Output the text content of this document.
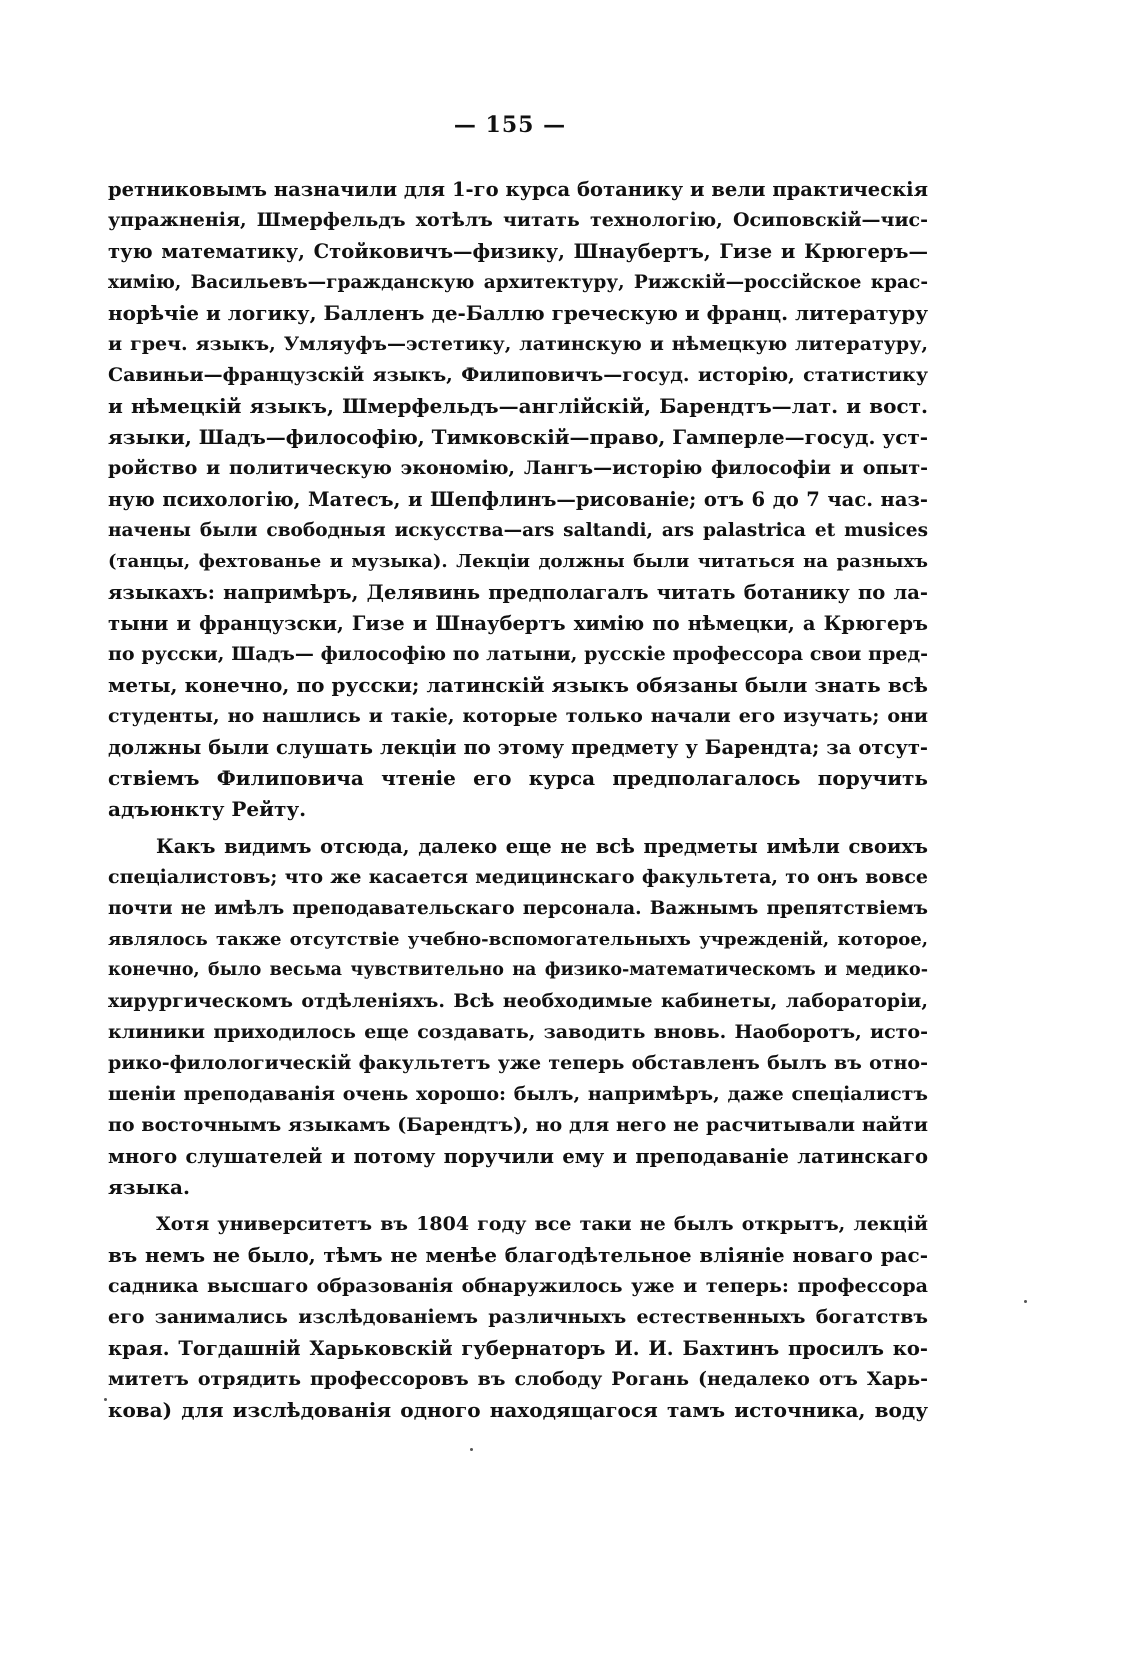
— 155 —
ретниковымъ назначили для 1-го курса ботанику и вели практическія
упражненія, Шмерфельдъ хотѣлъ читать технологію, Осиповскій—чис-
тую математику, Стойковичъ—физику, Шнаубертъ, Гизе и Крюгеръ—
химію, Васильевъ—гражданскую архитектуру, Рижскій—россійское крас-
норѣчіе и логику, Балленъ де-Баллю греческую и франц. литературу
и греч. языкъ, Умляуфъ—эстетику, латинскую и нѣмецкую литературу,
Савиньи—французскій языкъ, Филиповичъ—госуд. исторію, статистику
и нѣмецкій языкъ, Шмерфельдъ—англійскій, Барендтъ—лат. и вост.
языки, Шадъ—философію, Тимковскій—право, Гамперле—госуд. уст-
ройство и политическую экономію, Лангъ—исторію философіи и опыт-
ную психологію, Матесъ, и Шепфлинъ—рисованіе; отъ 6 до 7 час. наз-
начены были свободныя искусства—ars saltandi, ars palastrica et musices
(танцы, фехтованье и музыка). Лекціи должны были читаться на разныхъ
языкахъ: напримѣръ, Делявинь предполагалъ читать ботанику по ла-
тыни и французски, Гизе и Шнаубертъ химію по нѣмецки, а Крюгеръ
по русски, Шадъ— философію по латыни, русскіе профессора свои пред-
меты, конечно, по русски; латинскій языкъ обязаны были знать всѣ
студенты, но нашлись и такіе, которые только начали его изучать; они
должны были слушать лекціи по этому предмету у Барендта; за отсут-
ствіемъ Филиповича чтеніе его курса предполагалось поручить
адъюнкту Рейту.
Какъ видимъ отсюда, далеко еще не всѣ предметы имѣли своихъ
спеціалистовъ; что же касается медицинскаго факультета, то онъ вовсе
почти не имѣлъ преподавательскаго персонала. Важнымъ препятствіемъ
являлось также отсутствіе учебно-вспомогательныхъ учрежденій, которое,
конечно, было весьма чувствительно на физико-математическомъ и медико-
хирургическомъ отдѣленіяхъ. Всѣ необходимые кабинеты, лабораторіи,
клиники приходилось еще создавать, заводить вновь. Наоборотъ, исто-
рико-филологическій факультетъ уже теперь обставленъ былъ въ отно-
шеніи преподаванія очень хорошо: былъ, напримѣръ, даже спеціалистъ
по восточнымъ языкамъ (Барендтъ), но для него не расчитывали найти
много слушателей и потому поручили ему и преподаваніе латинскаго
языка.
Хотя университетъ въ 1804 году все таки не былъ открытъ, лекцій
въ немъ не было, тѣмъ не менѣе благодѣтельное вліяніе новаго рас-
садника высшаго образованія обнаружилось уже и теперь: профессора
его занимались изслѣдованіемъ различныхъ естественныхъ богатствъ
края. Тогдашній Харьковскій губернаторъ И. И. Бахтинъ просилъ ко-
митетъ отрядить профессоровъ въ слободу Рогань (недалеко отъ Харь-
кова) для изслѣдованія одного находящагося тамъ источника, воду
